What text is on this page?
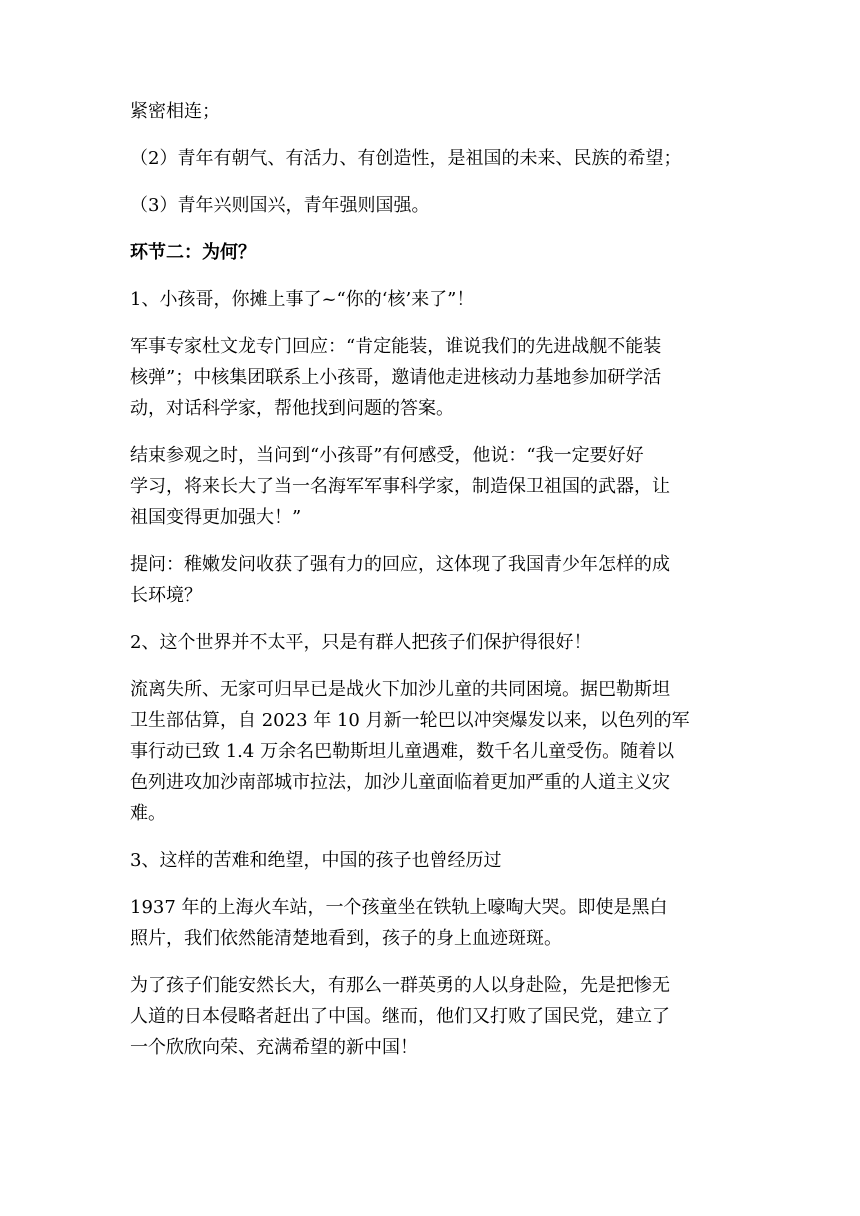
紧密相连；

（2）青年有朝气、有活力、有创造性，是祖国的未来、民族的希望；

（3）青年兴则国兴，青年强则国强。

环节二：为何？

1、小孩哥，你摊上事了~“你的‘核’来了”！

军事专家杜文龙专门回应：“肯定能装，谁说我们的先进战舰不能装
核弹”；中核集团联系上小孩哥，邀请他走进核动力基地参加研学活
动，对话科学家，帮他找到问题的答案。

结束参观之时，当问到“小孩哥”有何感受，他说：“我一定要好好
学习，将来长大了当一名海军军事科学家，制造保卫祖国的武器，让
祖国变得更加强大！”

提问：稚嫩发问收获了强有力的回应，这体现了我国青少年怎样的成
长环境？

2、这个世界并不太平，只是有群人把孩子们保护得很好！

流离失所、无家可归早已是战火下加沙儿童的共同困境。据巴勒斯坦
卫生部估算，自 2023 年 10 月新一轮巴以冲突爆发以来，以色列的军
事行动已致 1.4 万余名巴勒斯坦儿童遇难，数千名儿童受伤。随着以
色列进攻加沙南部城市拉法，加沙儿童面临着更加严重的人道主义灾
难。

3、这样的苦难和绝望，中国的孩子也曾经历过

1937 年的上海火车站，一个孩童坐在铁轨上嚎啕大哭。即使是黑白
照片，我们依然能清楚地看到，孩子的身上血迹斑斑。

为了孩子们能安然长大，有那么一群英勇的人以身赴险，先是把惨无
人道的日本侵略者赶出了中国。继而，他们又打败了国民党，建立了
一个欣欣向荣、充满希望的新中国！
